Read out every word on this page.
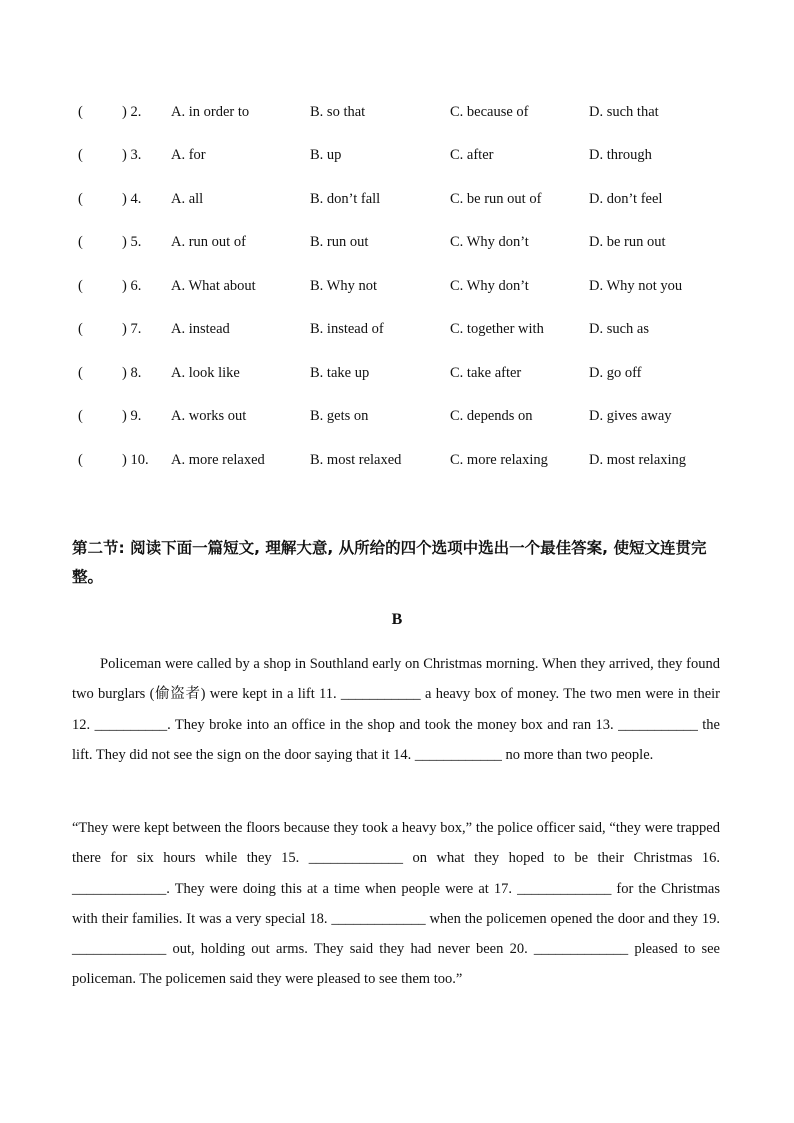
(	) 2. A. in order to	B. so that	C. because of	D. such that
(	) 3. A. for	B. up	C. after	D. through
(	) 4. A. all	B. don’t fall	C. be run out of	D. don’t feel
(	) 5. A. run out of	B. run out	C. Why don’t	D. be run out
(	) 6. A. What about	B. Why not	C. Why don’t	D. Why not you
(	) 7. A. instead	B. instead of	C. together with	D. such as
(	) 8. A. look like	B. take up	C. take after	D. go off
(	) 9. A. works out	B. gets on	C. depends on	D. gives away
(	) 10. A. more relaxed	B. most relaxed	C. more relaxing	D. most relaxing

第二节: 阅读下面一篇短文, 理解大意, 从所给的四个选项中选出一个最佳答案, 使短文连贯完整。

B

Policeman were called by a shop in Southland early on Christmas morning. When they arrived, they found two burglars (偷盗者) were kept in a lift 11. ___________ a heavy box of money. The two men were in their 12. __________. They broke into an office in the shop and took the money box and ran 13. ___________ the lift. They did not see the sign on the door saying that it 14. ____________ no more than two people.

“They were kept between the floors because they took a heavy box,” the police officer said, “they were trapped there for six hours while they 15. _____________ on what they hoped to be their Christmas 16. _____________. They were doing this at a time when people were at 17. _____________ for the Christmas with their families. It was a very special 18. _____________ when the policemen opened the door and they 19. _____________ out, holding out arms. They said they had never been 20. _____________ pleased to see policeman. The policemen said they were pleased to see them too.”
